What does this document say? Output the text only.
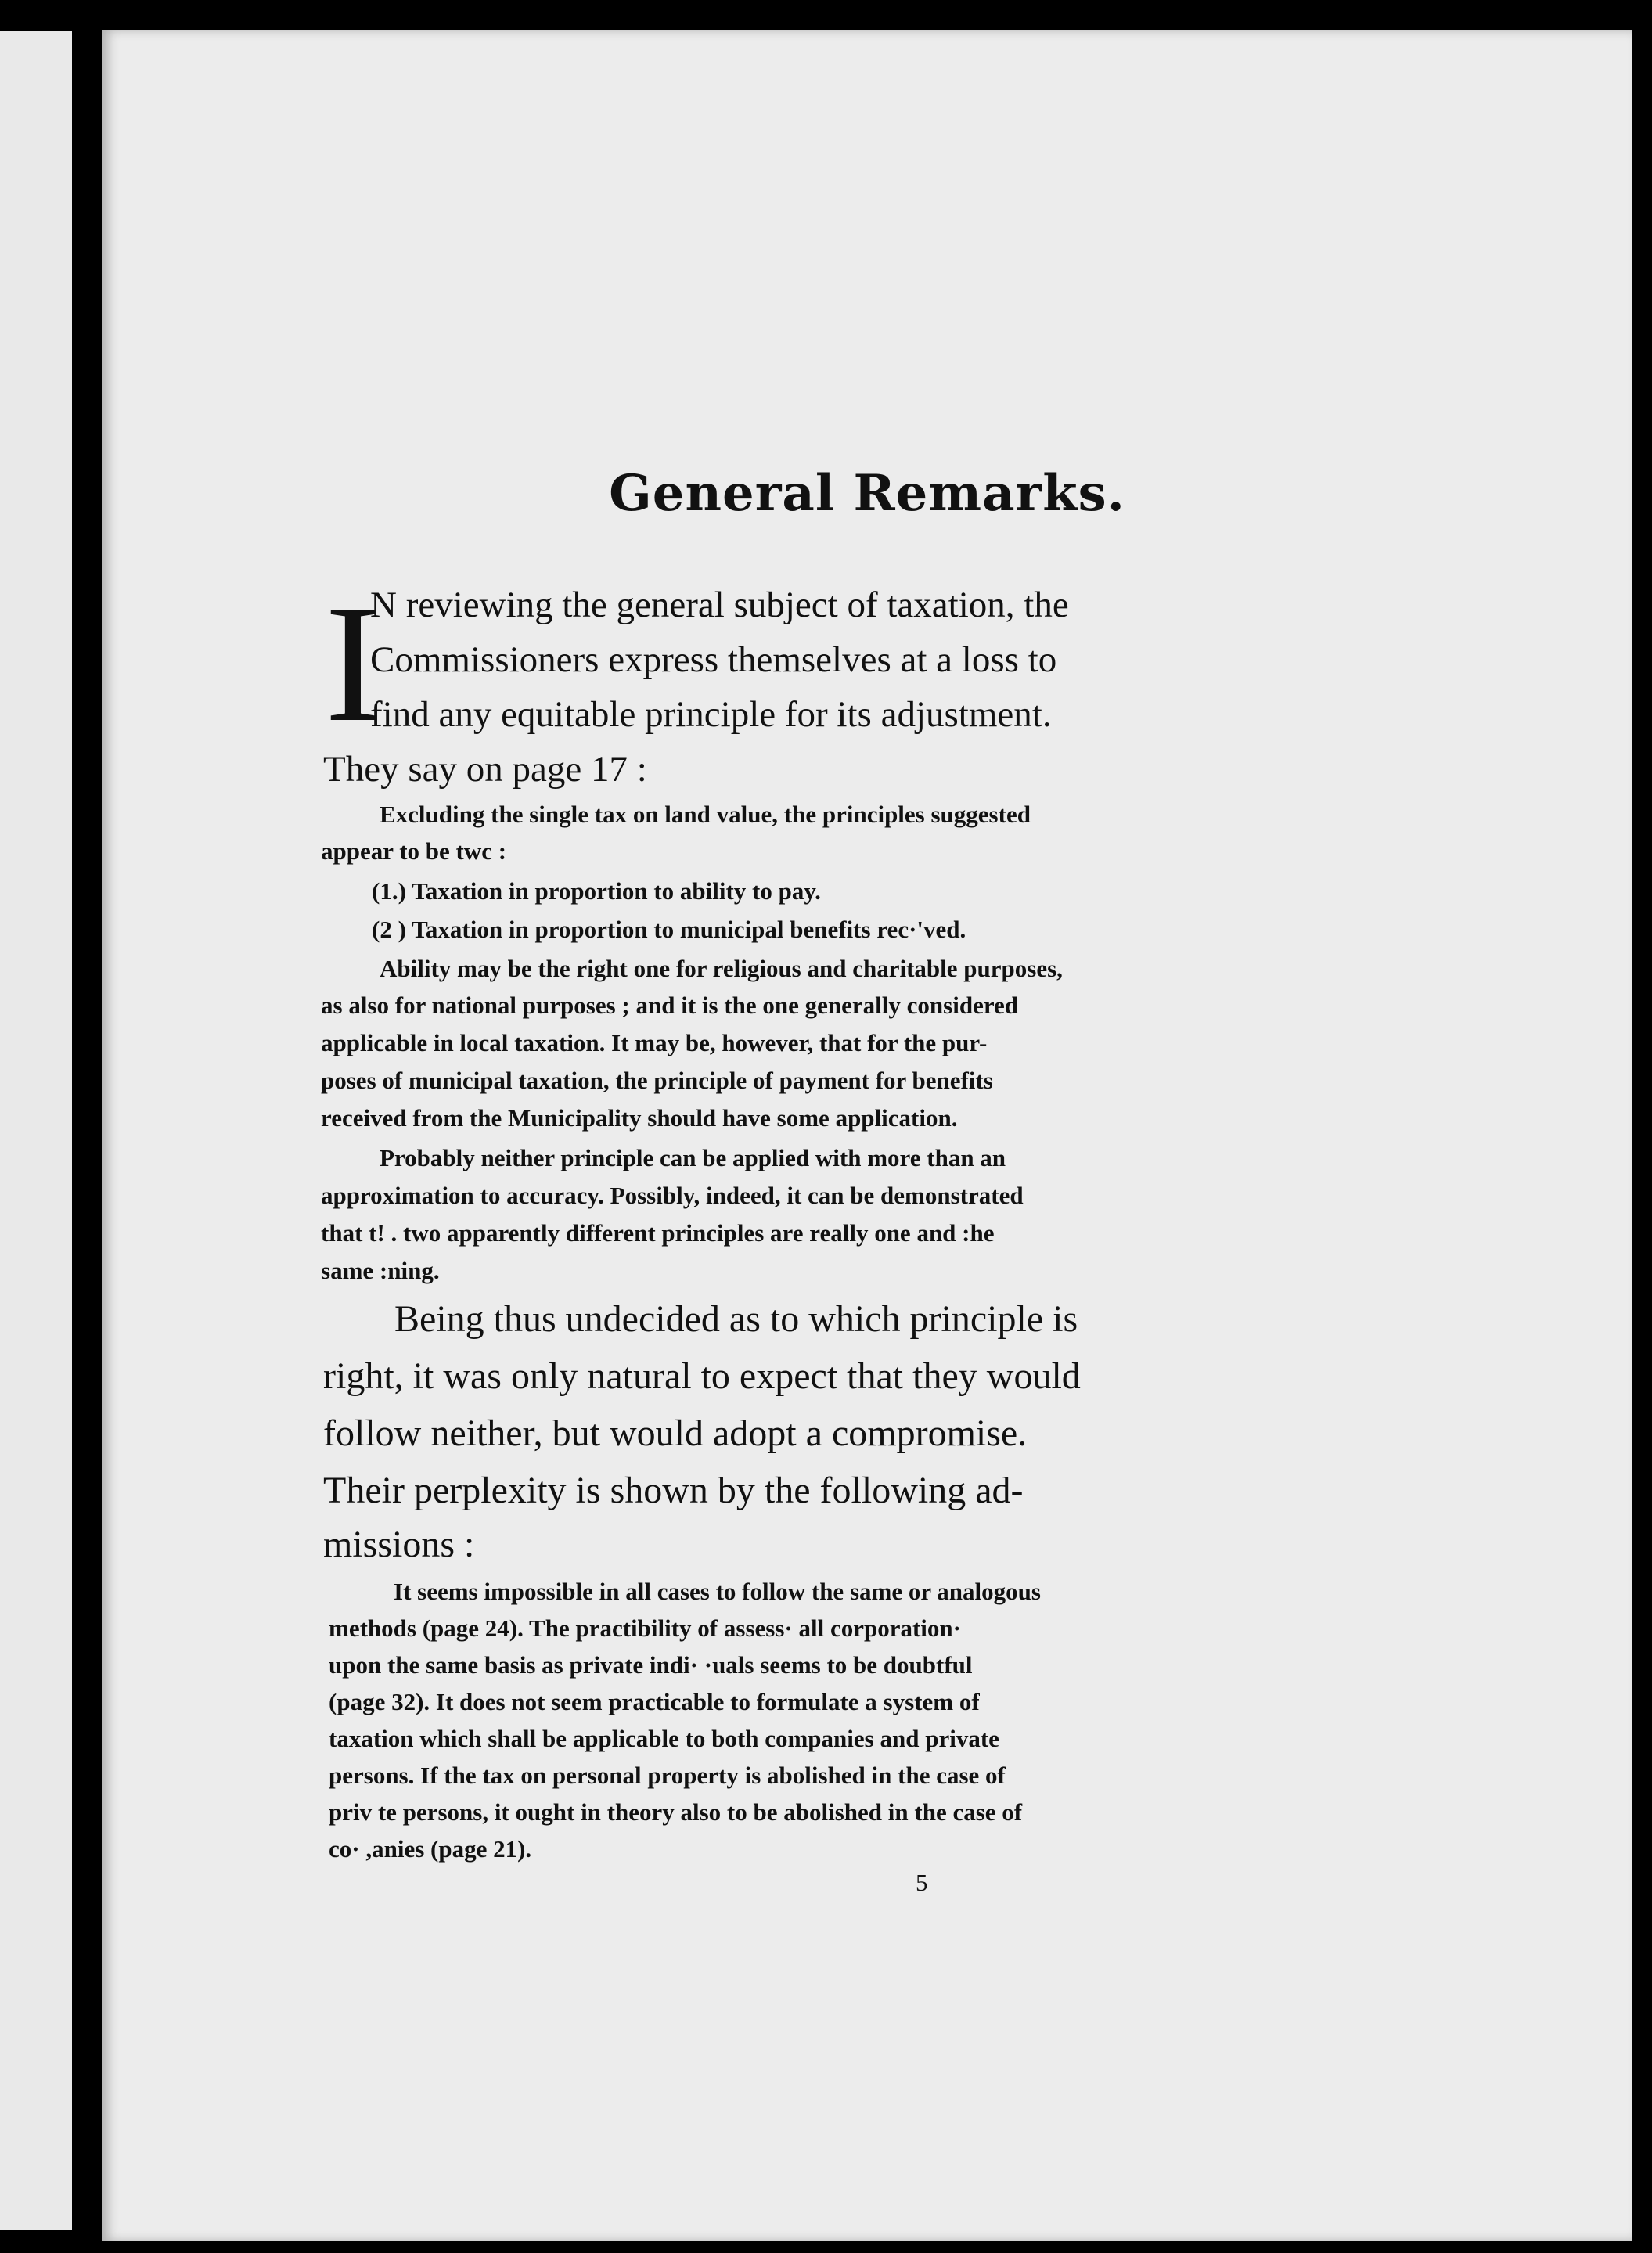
General Remarks.
I
N reviewing the general subject of taxation, the
Commissioners express themselves at a loss to
find any equitable principle for its adjustment.
They say on page 17 :
Excluding the single tax on land value, the principles suggested
appear to be twc :
(1.) Taxation in proportion to ability to pay.
(2 ) Taxation in proportion to municipal benefits rec·'ved.
Ability may be the right one for religious and charitable purposes,
as also for national purposes ; and it is the one generally considered
applicable in local taxation. It may be, however, that for the pur-
poses of municipal taxation, the principle of payment for benefits
received from the Municipality should have some application.
Probably neither principle can be applied with more than an
approximation to accuracy. Possibly, indeed, it can be demonstrated
that t! . two apparently different principles are really one and :he
same :ning.
Being thus undecided as to which principle is
right, it was only natural to expect that they would
follow neither, but would adopt a compromise.
Their perplexity is shown by the following ad-
missions :
It seems impossible in all cases to follow the same or analogous
methods (page 24). The practibility of assess· all corporation·
upon the same basis as private indi· ·uals seems to be doubtful
(page 32). It does not seem practicable to formulate a system of
taxation which shall be applicable to both companies and private
persons. If the tax on personal property is abolished in the case of
priv te persons, it ought in theory also to be abolished in the case of
co· ,anies (page 21).
5
